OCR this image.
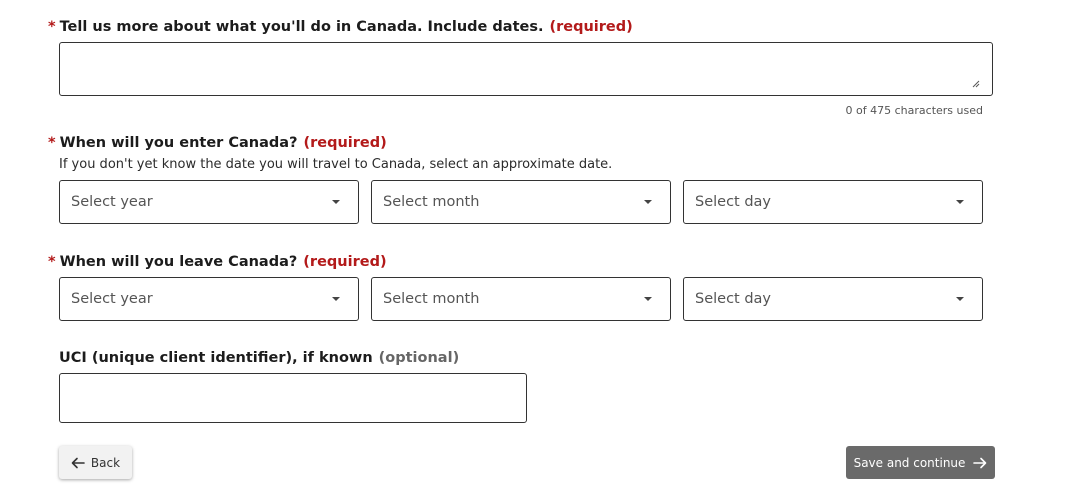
* Tell us more about what you'll do in Canada. Include dates. (required)
0 of 475 characters used
* When will you enter Canada? (required)
If you don't yet know the date you will travel to Canada, select an approximate date.
Select year	Select month	Select day
* When will you leave Canada? (required)
Select year	Select month	Select day
UCI (unique client identifier), if known (optional)
Back	Save and continue
